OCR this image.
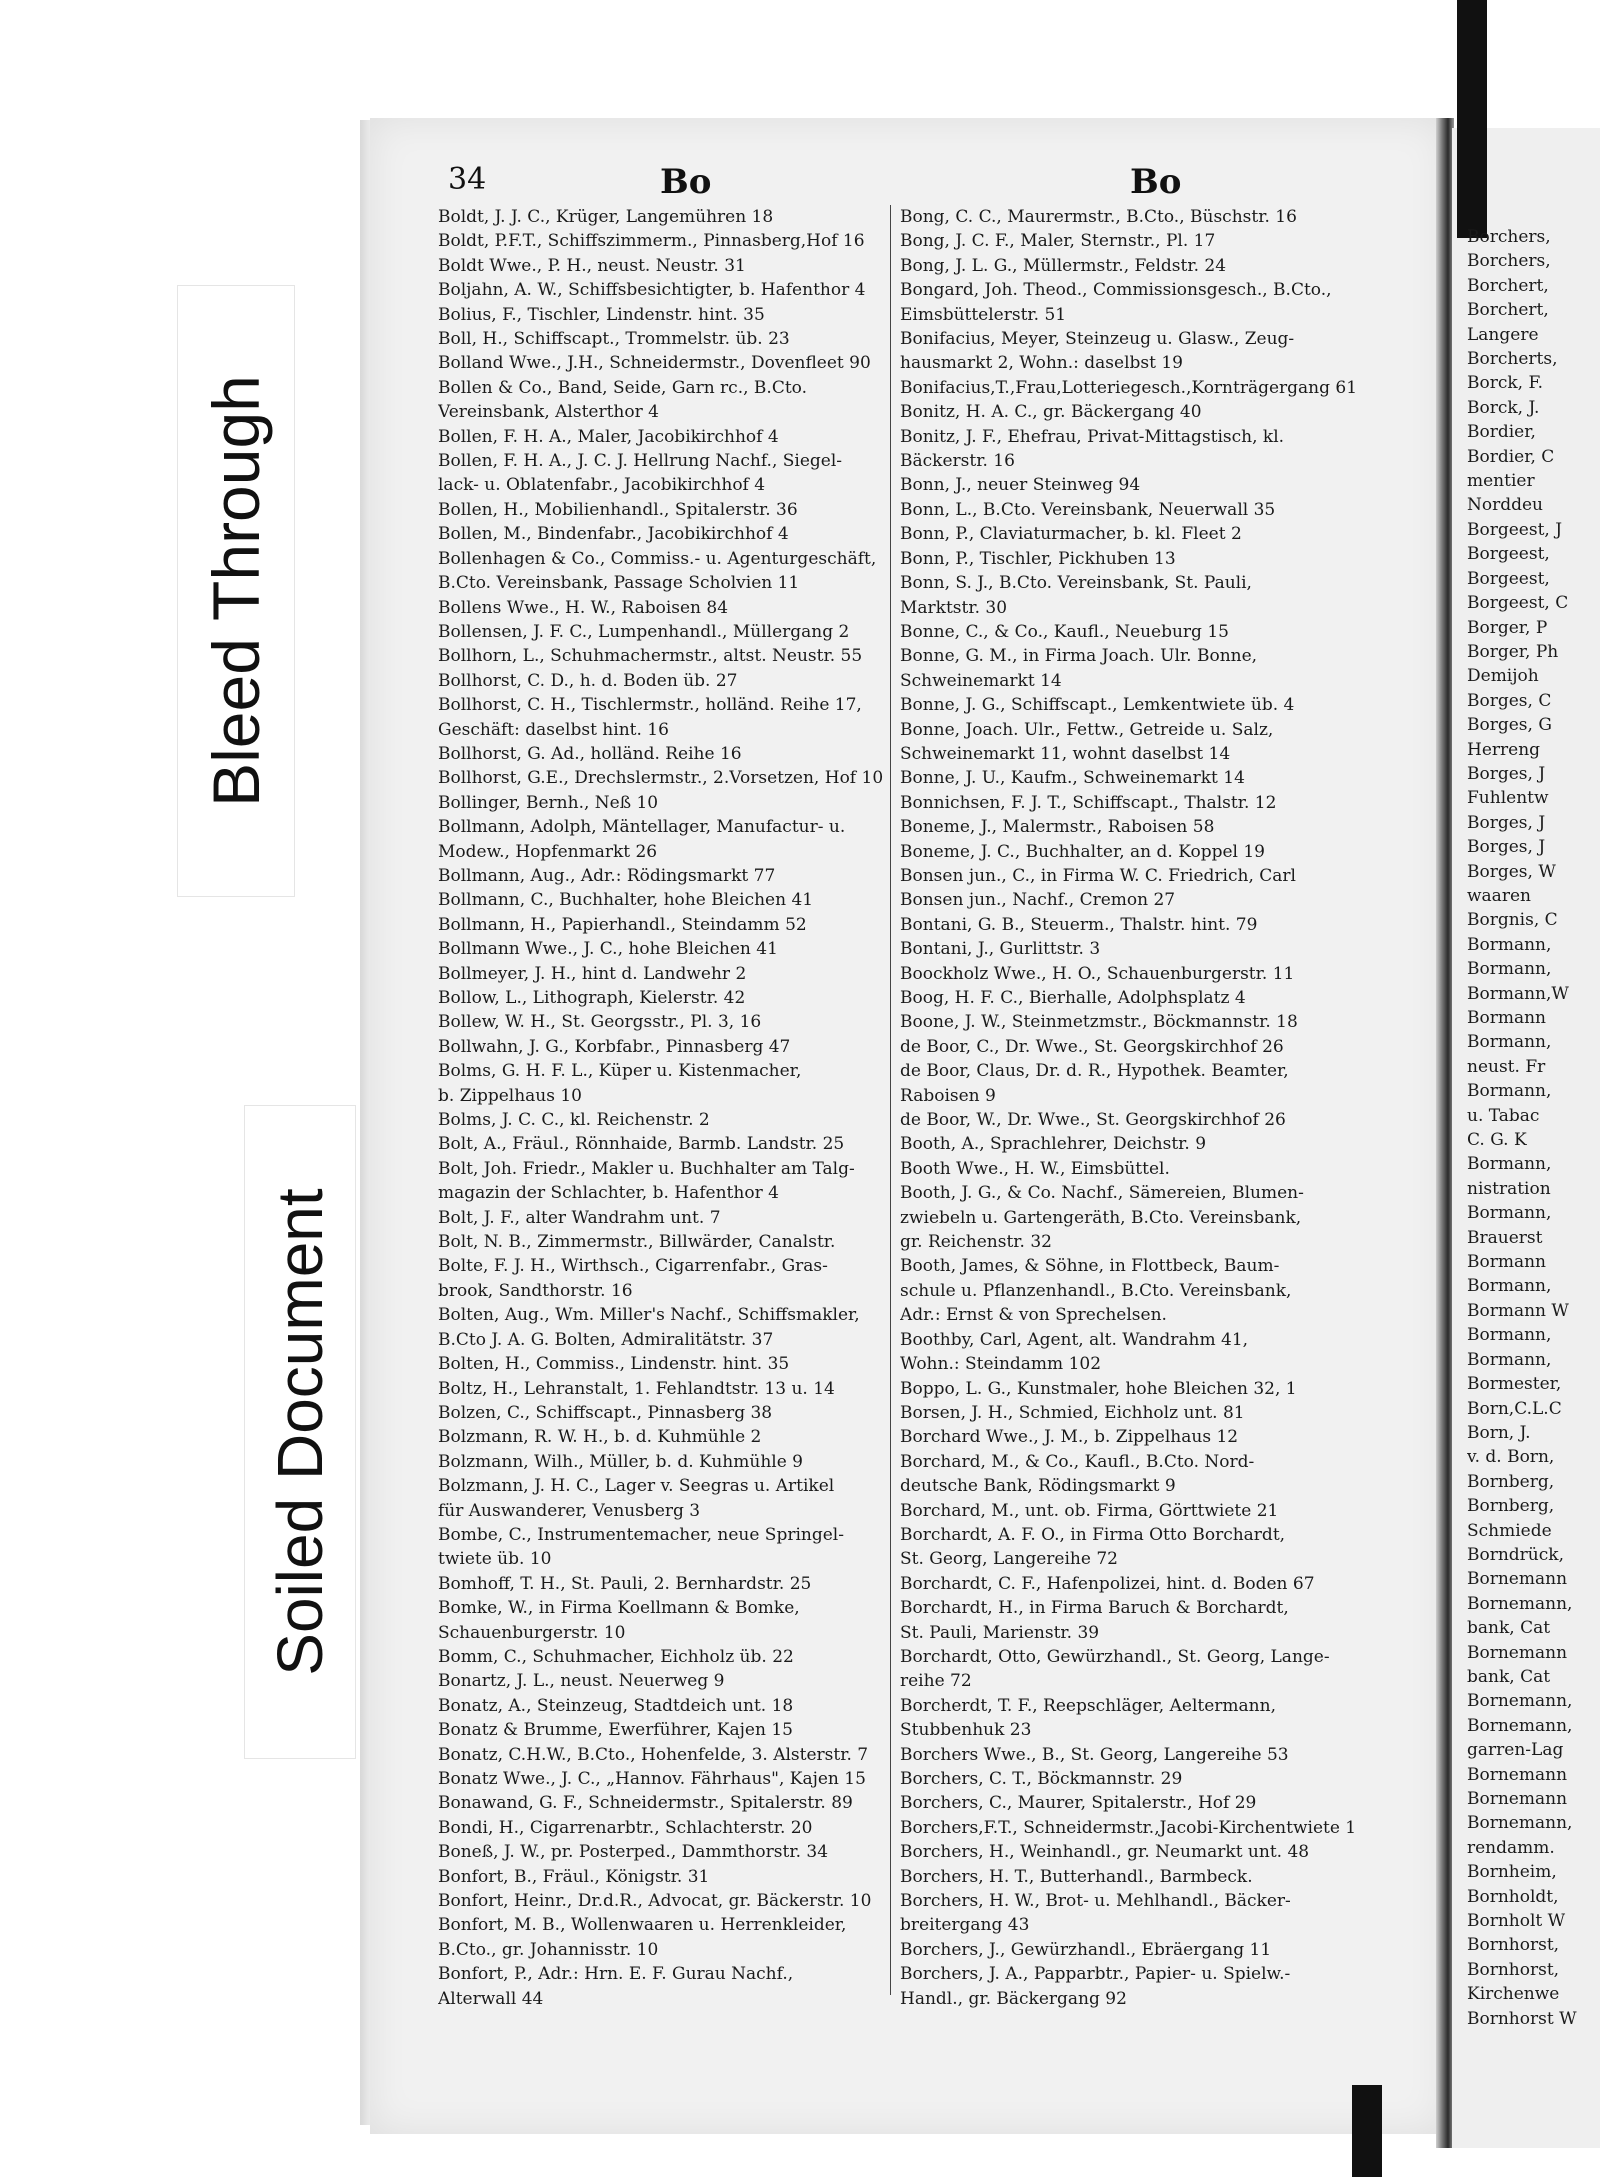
Bleed Through
Soiled Document
34	Bo	Bo
Boldt, J. J. C., Krüger, Langemühren 18
Boldt, P.F.T., Schiffszimmerm., Pinnasberg,Hof 16
Boldt Wwe., P. H., neust. Neustr. 31
Boljahn, A. W., Schiffsbesichtigter, b. Hafenthor 4
Bolius, F., Tischler, Lindenstr. hint. 35
Boll, H., Schiffscapt., Trommelstr. üb. 23
Bolland Wwe., J.H., Schneidermstr., Dovenfleet 90
Bollen & Co., Band, Seide, Garn rc., B.Cto.
Vereinsbank, Alsterthor 4
Bollen, F. H. A., Maler, Jacobikirchhof 4
Bollen, F. H. A., J. C. J. Hellrung Nachf., Siegel-
lack- u. Oblatenfabr., Jacobikirchhof 4
Bollen, H., Mobilienhandl., Spitalerstr. 36
Bollen, M., Bindenfabr., Jacobikirchhof 4
Bollenhagen & Co., Commiss.- u. Agenturgeschäft,
B.Cto. Vereinsbank, Passage Scholvien 11
Bollens Wwe., H. W., Raboisen 84
Bollensen, J. F. C., Lumpenhandl., Müllergang 2
Bollhorn, L., Schuhmachermstr., altst. Neustr. 55
Bollhorst, C. D., h. d. Boden üb. 27
Bollhorst, C. H., Tischlermstr., holländ. Reihe 17,
Geschäft: daselbst hint. 16
Bollhorst, G. Ad., holländ. Reihe 16
Bollhorst, G.E., Drechslermstr., 2.Vorsetzen, Hof 10
Bollinger, Bernh., Neß 10
Bollmann, Adolph, Mäntellager, Manufactur- u.
Modew., Hopfenmarkt 26
Bollmann, Aug., Adr.: Rödingsmarkt 77
Bollmann, C., Buchhalter, hohe Bleichen 41
Bollmann, H., Papierhandl., Steindamm 52
Bollmann Wwe., J. C., hohe Bleichen 41
Bollmeyer, J. H., hint d. Landwehr 2
Bollow, L., Lithograph, Kielerstr. 42
Bollew, W. H., St. Georgsstr., Pl. 3, 16
Bollwahn, J. G., Korbfabr., Pinnasberg 47
Bolms, G. H. F. L., Küper u. Kistenmacher,
b. Zippelhaus 10
Bolms, J. C. C., kl. Reichenstr. 2
Bolt, A., Fräul., Rönnhaide, Barmb. Landstr. 25
Bolt, Joh. Friedr., Makler u. Buchhalter am Talg-
magazin der Schlachter, b. Hafenthor 4
Bolt, J. F., alter Wandrahm unt. 7
Bolt, N. B., Zimmermstr., Billwärder, Canalstr.
Bolte, F. J. H., Wirthsch., Cigarrenfabr., Gras-
brook, Sandthorstr. 16
Bolten, Aug., Wm. Miller's Nachf., Schiffsmakler,
B.Cto J. A. G. Bolten, Admiralitätstr. 37
Bolten, H., Commiss., Lindenstr. hint. 35
Boltz, H., Lehranstalt, 1. Fehlandtstr. 13 u. 14
Bolzen, C., Schiffscapt., Pinnasberg 38
Bolzmann, R. W. H., b. d. Kuhmühle 2
Bolzmann, Wilh., Müller, b. d. Kuhmühle 9
Bolzmann, J. H. C., Lager v. Seegras u. Artikel
für Auswanderer, Venusberg 3
Bombe, C., Instrumentemacher, neue Springel-
twiete üb. 10
Bomhoff, T. H., St. Pauli, 2. Bernhardstr. 25
Bomke, W., in Firma Koellmann & Bomke,
Schauenburgerstr. 10
Bomm, C., Schuhmacher, Eichholz üb. 22
Bonartz, J. L., neust. Neuerweg 9
Bonatz, A., Steinzeug, Stadtdeich unt. 18
Bonatz & Brumme, Ewerführer, Kajen 15
Bonatz, C.H.W., B.Cto., Hohenfelde, 3. Alsterstr. 7
Bonatz Wwe., J. C., „Hannov. Fährhaus", Kajen 15
Bonawand, G. F., Schneidermstr., Spitalerstr. 89
Bondi, H., Cigarrenarbtr., Schlachterstr. 20
Boneß, J. W., pr. Posterped., Dammthorstr. 34
Bonfort, B., Fräul., Königstr. 31
Bonfort, Heinr., Dr.d.R., Advocat, gr. Bäckerstr. 10
Bonfort, M. B., Wollenwaaren u. Herrenkleider,
B.Cto., gr. Johannisstr. 10
Bonfort, P., Adr.: Hrn. E. F. Gurau Nachf.,
Alterwall 44
Bong, C. C., Maurermstr., B.Cto., Büschstr. 16
Bong, J. C. F., Maler, Sternstr., Pl. 17
Bong, J. L. G., Müllermstr., Feldstr. 24
Bongard, Joh. Theod., Commissionsgesch., B.Cto.,
Eimsbüttelerstr. 51
Bonifacius, Meyer, Steinzeug u. Glasw., Zeug-
hausmarkt 2, Wohn.: daselbst 19
Bonifacius,T.,Frau,Lotteriegesch.,Kornträgergang 61
Bonitz, H. A. C., gr. Bäckergang 40
Bonitz, J. F., Ehefrau, Privat-Mittagstisch, kl.
Bäckerstr. 16
Bonn, J., neuer Steinweg 94
Bonn, L., B.Cto. Vereinsbank, Neuerwall 35
Bonn, P., Claviaturmacher, b. kl. Fleet 2
Bonn, P., Tischler, Pickhuben 13
Bonn, S. J., B.Cto. Vereinsbank, St. Pauli,
Marktstr. 30
Bonne, C., & Co., Kaufl., Neueburg 15
Bonne, G. M., in Firma Joach. Ulr. Bonne,
Schweinemarkt 14
Bonne, J. G., Schiffscapt., Lemkentwiete üb. 4
Bonne, Joach. Ulr., Fettw., Getreide u. Salz,
Schweinemarkt 11, wohnt daselbst 14
Bonne, J. U., Kaufm., Schweinemarkt 14
Bonnichsen, F. J. T., Schiffscapt., Thalstr. 12
Boneme, J., Malermstr., Raboisen 58
Boneme, J. C., Buchhalter, an d. Koppel 19
Bonsen jun., C., in Firma W. C. Friedrich, Carl
Bonsen jun., Nachf., Cremon 27
Bontani, G. B., Steuerm., Thalstr. hint. 79
Bontani, J., Gurlittstr. 3
Boockholz Wwe., H. O., Schauenburgerstr. 11
Boog, H. F. C., Bierhalle, Adolphsplatz 4
Boone, J. W., Steinmetzmstr., Böckmannstr. 18
de Boor, C., Dr. Wwe., St. Georgskirchhof 26
de Boor, Claus, Dr. d. R., Hypothek. Beamter,
Raboisen 9
de Boor, W., Dr. Wwe., St. Georgskirchhof 26
Booth, A., Sprachlehrer, Deichstr. 9
Booth Wwe., H. W., Eimsbüttel.
Booth, J. G., & Co. Nachf., Sämereien, Blumen-
zwiebeln u. Gartengeräth, B.Cto. Vereinsbank,
gr. Reichenstr. 32
Booth, James, & Söhne, in Flottbeck, Baum-
schule u. Pflanzenhandl., B.Cto. Vereinsbank,
Adr.: Ernst & von Sprechelsen.
Boothby, Carl, Agent, alt. Wandrahm 41,
Wohn.: Steindamm 102
Boppo, L. G., Kunstmaler, hohe Bleichen 32, 1
Borsen, J. H., Schmied, Eichholz unt. 81
Borchard Wwe., J. M., b. Zippelhaus 12
Borchard, M., & Co., Kaufl., B.Cto. Nord-
deutsche Bank, Rödingsmarkt 9
Borchard, M., unt. ob. Firma, Görttwiete 21
Borchardt, A. F. O., in Firma Otto Borchardt,
St. Georg, Langereihe 72
Borchardt, C. F., Hafenpolizei, hint. d. Boden 67
Borchardt, H., in Firma Baruch & Borchardt,
St. Pauli, Marienstr. 39
Borchardt, Otto, Gewürzhandl., St. Georg, Lange-
reihe 72
Borcherdt, T. F., Reepschläger, Aeltermann,
Stubbenhuk 23
Borchers Wwe., B., St. Georg, Langereihe 53
Borchers, C. T., Böckmannstr. 29
Borchers, C., Maurer, Spitalerstr., Hof 29
Borchers,F.T., Schneidermstr.,Jacobi-Kirchentwiete 1
Borchers, H., Weinhandl., gr. Neumarkt unt. 48
Borchers, H. T., Butterhandl., Barmbeck.
Borchers, H. W., Brot- u. Mehlhandl., Bäcker-
breitergang 43
Borchers, J., Gewürzhandl., Ebräergang 11
Borchers, J. A., Papparbtr., Papier- u. Spielw.-
Handl., gr. Bäckergang 92
Borchers,
Borchers,
Borchert,
Borchert,
Langere
Borcherts,
Borck, F.
Borck, J.
Bordier,
Bordier, C
mentier
Norddeu
Borgeest, J
Borgeest,
Borgeest,
Borgeest, C
Borger, P
Borger, Ph
Demijoh
Borges, C
Borges, G
Herreng
Borges, J
Fuhlentw
Borges, J
Borges, J
Borges, W
waaren
Borgnis, C
Bormann,
Bormann,
Bormann,W
Bormann
Bormann,
neust. Fr
Bormann,
u. Tabac
C. G. K
Bormann,
nistration
Bormann,
Brauerst
Bormann
Bormann,
Bormann W
Bormann,
Bormann,
Bormester,
Born,C.L.C
Born, J.
v. d. Born,
Bornberg,
Bornberg,
Schmiede
Borndrück,
Bornemann
Bornemann,
bank, Cat
Bornemann
bank, Cat
Bornemann,
Bornemann,
garren-Lag
Bornemann
Bornemann
Bornemann,
rendamm.
Bornheim,
Bornholdt,
Bornholt W
Bornhorst,
Bornhorst,
Kirchenwe
Bornhorst W
